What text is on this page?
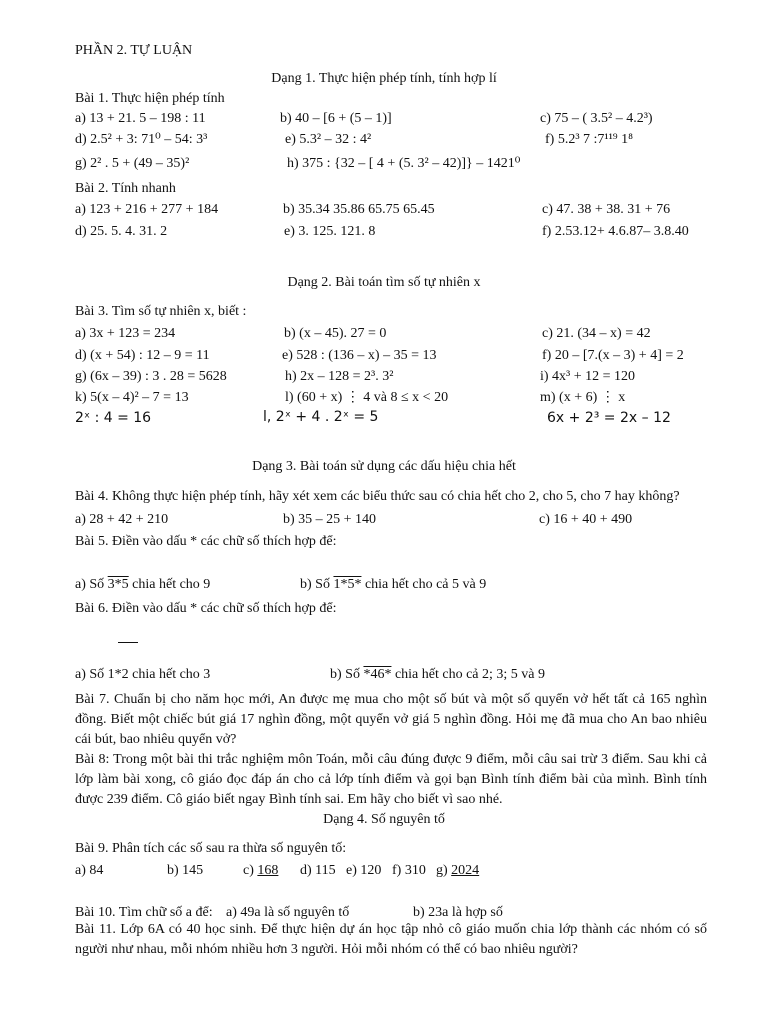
PHẦN 2. TỰ LUẬN
Dạng 1. Thực hiện phép tính, tính hợp lí
Bài 1. Thực hiện phép tính
a) 13 + 21. 5 – 198 : 11	b) 40 – [6 + (5 – 1)]	c) 75 – ( 3.5² – 4.2³)
d) 2.5² + 3: 71⁰ – 54: 3³	e) 5.3² – 32 : 4²	f) 5.2³ 7 :7¹¹⁹ 1⁸
g) 2² . 5 + (49 – 35)²	h) 375 : {32 – [ 4 + (5. 3² – 42)]} – 1421⁰
Bài 2. Tính nhanh
a) 123 + 216 + 277 + 184	b) 35.34 35.86 65.75 65.45	c) 47. 38 + 38. 31 + 76
d) 25. 5. 4. 31. 2	e) 3. 125. 121. 8	f) 2.53.12+ 4.6.87– 3.8.40
Dạng 2. Bài toán tìm số tự nhiên x
Bài 3. Tìm số tự nhiên x, biết :
a) 3x + 123 = 234	b) (x – 45). 27 = 0	c) 21. (34 – x) = 42
d) (x + 54) : 12 – 9 = 11	e) 528 : (136 – x) – 35 = 13	f) 20 – [7.(x – 3) + 4] = 2
g) (6x – 39) : 3 . 28 = 5628	h) 2x – 128 = 2³. 3²	i) 4x³ + 12 = 120
k) 5(x – 4)² – 7 = 13	l) (60 + x) ⋮ 4 và 8 ≤ x < 20	m) (x + 6) ⋮ x
2ˣ : 4 = 16	l, 2ˣ + 4 . 2ˣ = 5	6x + 2³ = 2x – 12
Dạng 3. Bài toán sử dụng các dấu hiệu chia hết
Bài 4. Không thực hiện phép tính, hãy xét xem các biểu thức sau có chia hết cho 2, cho 5, cho 7 hay không?
a) 28 + 42 + 210	b) 35 – 25 + 140	c) 16 + 40 + 490
Bài 5. Điền vào dấu * các chữ số thích hợp để:
a) Số 3*5 chia hết cho 9	b) Số 1*5* chia hết cho cả 5 và 9
Bài 6. Điền vào dấu * các chữ số thích hợp để:
a) Số 1*2 chia hết cho 3	b) Số *46* chia hết cho cả 2; 3; 5 và 9
Bài 7. Chuẩn bị cho năm học mới, An được mẹ mua cho một số bút và một số quyển vở hết tất cả 165 nghìn đồng. Biết một chiếc bút giá 17 nghìn đồng, một quyển vở giá 5 nghìn đồng. Hỏi mẹ đã mua cho An bao nhiêu cái bút, bao nhiêu quyển vở?
Bài 8: Trong một bài thi trắc nghiệm môn Toán, mỗi câu đúng được 9 điểm, mỗi câu sai trừ 3 điểm. Sau khi cả lớp làm bài xong, cô giáo đọc đáp án cho cả lớp tính điểm và gọi bạn Bình tính điểm bài của mình. Bình tính được 239 điểm. Cô giáo biết ngay Bình tính sai. Em hãy cho biết vì sao nhé.
Dạng 4. Số nguyên tố
Bài 9. Phân tích các số sau ra thừa số nguyên tố:
a) 84	b) 145	c) 168 d) 115 e) 120 f) 310 g) 2024
Bài 10. Tìm chữ số a để: a) 49a là số nguyên tố	b) 23a là hợp số
Bài 11. Lớp 6A có 40 học sinh. Để thực hiện dự án học tập nhỏ cô giáo muốn chia lớp thành các nhóm có số người như nhau, mỗi nhóm nhiều hơn 3 người. Hỏi mỗi nhóm có thể có bao nhiêu người?
